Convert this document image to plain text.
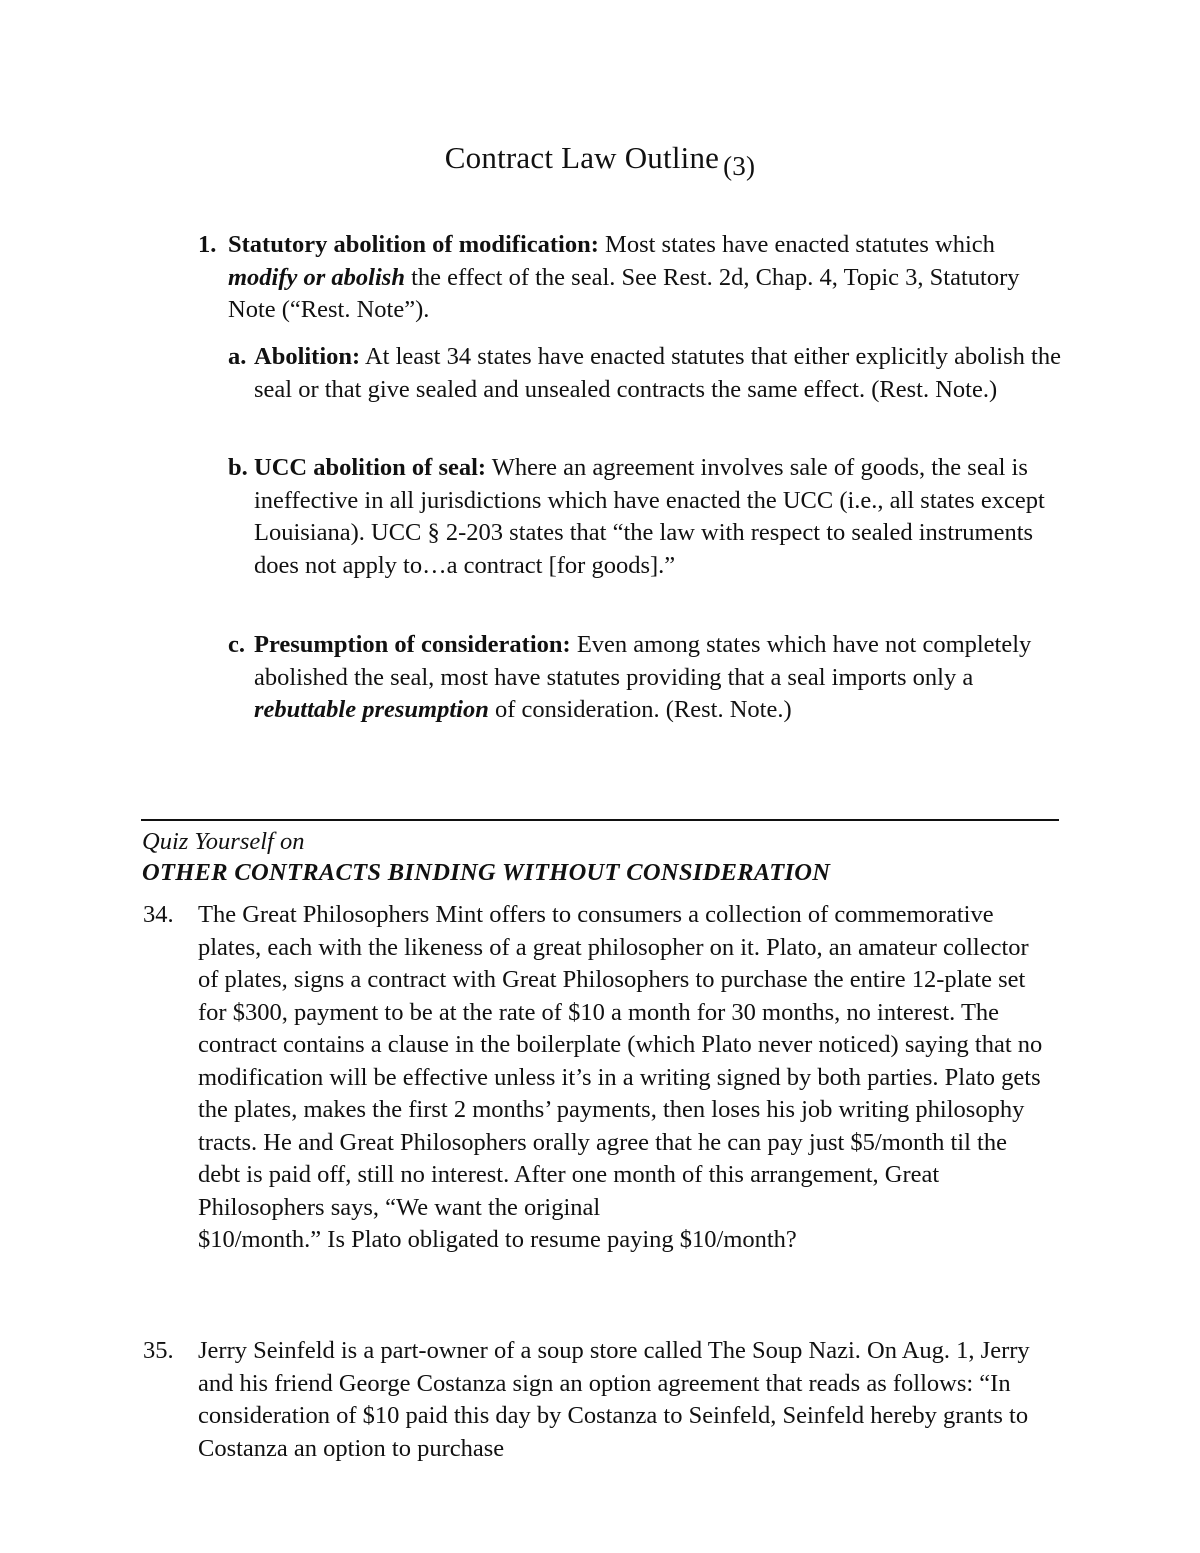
Contract Law Outline (3)
1. Statutory abolition of modification: Most states have enacted statutes which modify or abolish the effect of the seal. See Rest. 2d, Chap. 4, Topic 3, Statutory Note (“Rest. Note”).

a. Abolition: At least 34 states have enacted statutes that either explicitly abolish the seal or that give sealed and unsealed contracts the same effect. (Rest. Note.)

b. UCC abolition of seal: Where an agreement involves sale of goods, the seal is ineffective in all jurisdictions which have enacted the UCC (i.e., all states except Louisiana). UCC § 2-203 states that “the law with respect to sealed instruments does not apply to…a contract [for goods].”

c. Presumption of consideration: Even among states which have not completely abolished the seal, most have statutes providing that a seal imports only a rebuttable presumption of consideration. (Rest. Note.)

Quiz Yourself on
OTHER CONTRACTS BINDING WITHOUT CONSIDERATION

34. The Great Philosophers Mint offers to consumers a collection of commemorative plates, each with the likeness of a great philosopher on it. Plato, an amateur collector of plates, signs a contract with Great Philosophers to purchase the entire 12-plate set for $300, payment to be at the rate of $10 a month for 30 months, no interest. The contract contains a clause in the boilerplate (which Plato never noticed) saying that no modification will be effective unless it’s in a writing signed by both parties. Plato gets the plates, makes the first 2 months’ payments, then loses his job writing philosophy tracts. He and Great Philosophers orally agree that he can pay just $5/month til the debt is paid off, still no interest. After one month of this arrangement, Great Philosophers says, “We want the original
$10/month.” Is Plato obligated to resume paying $10/month?

35. Jerry Seinfeld is a part-owner of a soup store called The Soup Nazi. On Aug. 1, Jerry and his friend George Costanza sign an option agreement that reads as follows: “In consideration of $10 paid this day by Costanza to Seinfeld, Seinfeld hereby grants to Costanza an option to purchase
